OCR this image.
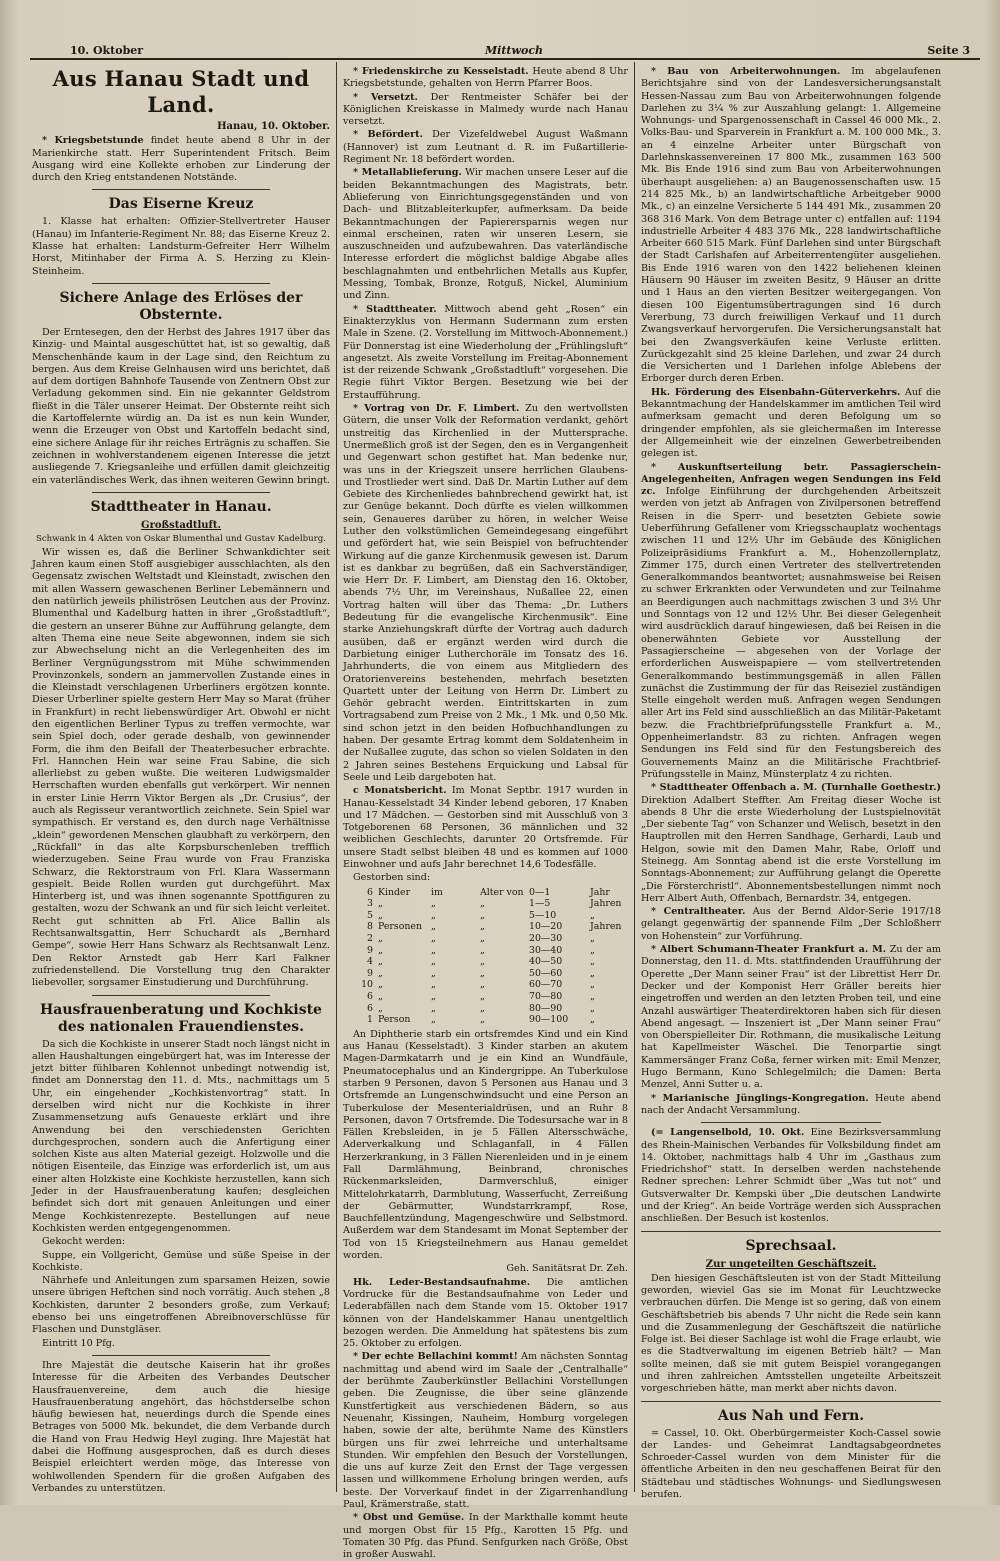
10. Oktober	Mittwoch	Seite 3
Aus Hanau Stadt und Land.
Hanau, 10. Oktober.

* Kriegsbetstunde findet heute abend 8 Uhr in der Marienkirche statt. Herr Superintendent Fritsch. Beim Ausgang wird eine Kollekte erhoben zur Linderung der durch den Krieg entstandenen Notstände.

Das Eiserne Kreuz

1. Klasse hat erhalten: Offizier-Stellvertreter Hauser (Hanau) im Infanterie-Regiment Nr. 88; das Eiserne Kreuz 2. Klasse hat erhalten: Landsturm-Gefreiter Herr Wilhelm Horst, Mitinhaber der Firma A. S. Herzing zu Klein-Steinheim.

Sichere Anlage des Erlöses der Obsternte.

Der Erntesegen, den der Herbst des Jahres 1917 über das Kinzig- und Maintal ausgeschüttet hat, ist so gewaltig, daß Menschenhände kaum in der Lage sind, den Reichtum zu bergen. Aus dem Kreise Gelnhausen wird uns berichtet, daß auf dem dortigen Bahnhofe Tausende von Zentnern Obst zur Verladung gekommen sind. Ein nie gekannter Geldstrom fließt in die Täler unserer Heimat. Der Obsternte reiht sich die Kartoffelernte würdig an. Da ist es nun kein Wunder, wenn die Erzeuger von Obst und Kartoffeln bedacht sind, eine sichere Anlage für ihr reiches Erträgnis zu schaffen. Sie zeichnen in wohlverstandenem eigenen Interesse die jetzt ausliegende 7. Kriegsanleihe und erfüllen damit gleichzeitig ein vaterländisches Werk, das ihnen weiteren Gewinn bringt.

Stadttheater in Hanau.
Großstadtluft.
Schwank in 4 Akten von Oskar Blumenthal und Gustav Kadelburg.

Wir wissen es, daß die Berliner Schwankdichter seit Jahren kaum einen Stoff ausgiebiger ausschlachten, als den Gegensatz zwischen Weltstadt und Kleinstadt, zwischen den mit allen Wassern gewaschenen Berliner Lebemännern und den natürlich jeweils philiströsen Leutchen aus der Provinz. Blumenthal und Kadelburg hatten in ihrer „Großstadtluft“, die gestern an unserer Bühne zur Aufführung gelangte, dem alten Thema eine neue Seite abgewonnen, indem sie sich zur Abwechselung nicht an die Verlegenheiten des im Berliner Vergnügungsstrom mit Mühe schwimmenden Provinzonkels, sondern an jammervollen Zustande eines in die Kleinstadt verschlagenen Urberliners ergötzen konnte. Dieser Urberliner spielte gestern Herr May so Marat (früher in Frankfurt) in recht liebenswürdiger Art. Obwohl er nicht den eigentlichen Berliner Typus zu treffen vermochte, war sein Spiel doch, oder gerade deshalb, von gewinnender Form, die ihm den Beifall der Theaterbesucher erbrachte. Frl. Hannchen Hein war seine Frau Sabine, die sich allerliebst zu geben wußte. Die weiteren Ludwigsmalder Herrschaften wurden ebenfalls gut verkörpert. Wir nennen in erster Linie Herrn Viktor Bergen als „Dr. Crusius“, der auch als Regisseur verantwortlich zeichnete. Sein Spiel war sympathisch. Er verstand es, den durch nage Verhältnisse „klein“ gewordenen Menschen glaubhaft zu verkörpern, den „Rückfall“ in das alte Korpsburschenleben trefflich wiederzugeben. Seine Frau wurde von Frau Franziska Schwarz, die Rektorstraum von Frl. Klara Wassermann gespielt. Beide Rollen wurden gut durchgeführt. Max Hinterberg ist, und was ihnen sogenannte Spottfiguren zu gestalten, wozu der Schwank an und für sich leicht verleitet. Recht gut schnitten ab Frl. Alice Ballin als Rechtsanwaltsgattin, Herr Schuchardt als „Bernhard Gempe“, sowie Herr Hans Schwarz als Rechtsanwalt Lenz. Den Rektor Arnstedt gab Herr Karl Falkner zufriedenstellend. Die Vorstellung trug den Charakter liebevoller, sorgsamer Einstudierung und Durchführung.

Hausfrauenberatung und Kochkiste des nationalen Frauendienstes.

Da sich die Kochkiste in unserer Stadt noch längst nicht in allen Haushaltungen eingebürgert hat, was im Interesse der jetzt bitter fühlbaren Kohlennot unbedingt notwendig ist, findet am Donnerstag den 11. d. Mts., nachmittags um 5 Uhr, ein eingehender „Kochkistenvortrag“ statt. In derselben wird nicht nur die Kochkiste in ihrer Zusammensetzung aufs Genaueste erklärt und ihre Anwendung bei den verschiedensten Gerichten durchgesprochen, sondern auch die Anfertigung einer solchen Kiste aus alten Material gezeigt. Holzwolle und die nötigen Eisenteile, das Einzige was erforderlich ist, um aus einer alten Holzkiste eine Kochkiste herzustellen, kann sich Jeder in der Hausfrauenberatung kaufen; desgleichen befindet sich dort mit genauen Anleitungen und einer Menge Kochkistenrezepte. Bestellungen auf neue Kochkisten werden entgegengenommen.

Gekocht werden:

Suppe, ein Vollgericht, Gemüse und süße Speise in der Kochkiste.

Nährhefe und Anleitungen zum sparsamen Heizen, sowie unsere übrigen Heftchen sind noch vorrätig. Auch stehen „8 Kochkisten, darunter 2 besonders große, zum Verkauf; ebenso bei uns eingetroffenen Abreibnoverschlüsse für Flaschen und Dunstgläser.

Eintritt 10 Pfg.

Ihre Majestät die deutsche Kaiserin hat ihr großes Interesse für die Arbeiten des Verbandes Deutscher Hausfrauenvereine, dem auch die hiesige Hausfrauenberatung angehört, das höchstderselbe schon häufig bewiesen hat, neuerdings durch die Spende eines Betrages von 5000 Mk. bekundet, die dem Verbande durch die Hand von Frau Hedwig Heyl zuging. Ihre Majestät hat dabei die Hoffnung ausgesprochen, daß es durch dieses Beispiel erleichtert werden möge, das Interesse von wohlwollenden Spendern für die großen Aufgaben des Verbandes zu unterstützen.

* Friedenskirche zu Kesselstadt. Heute abend 8 Uhr Kriegsbetstunde, gehalten von Herrn Pfarrer Boos.

* Versetzt. Der Rentmeister Schäfer bei der Königlichen Kreiskasse in Malmedy wurde nach Hanau versetzt.

* Befördert. Der Vizefeldwebel August Waßmann (Hannover) ist zum Leutnant d. R. im Fußartillerie-Regiment Nr. 18 befördert worden.

* Metallablieferung. Wir machen unsere Leser auf die beiden Bekanntmachungen des Magistrats, betr. Ablieferung von Einrichtungsgegenständen und von Dach- und Blitzableiterkupfer, aufmerksam. Da beide Bekanntmachungen der Papierersparnis wegen nur einmal erscheinen, raten wir unseren Lesern, sie auszuschneiden und aufzubewahren. Das vaterländische Interesse erfordert die möglichst baldige Abgabe alles beschlagnahmten und entbehrlichen Metalls aus Kupfer, Messing, Tombak, Bronze, Rotguß, Nickel, Aluminium und Zinn.

* Stadttheater. Mittwoch abend geht „Rosen“ ein Einakterzyklus von Hermann Sudermann zum ersten Male in Szene. (2. Vorstellung im Mittwoch-Abonnement.) Für Donnerstag ist eine Wiederholung der „Frühlingsluft“ angesetzt. Als zweite Vorstellung im Freitag-Abonnement ist der reizende Schwank „Großstadtluft“ vorgesehen. Die Regie führt Viktor Bergen. Besetzung wie bei der Erstaufführung.

* Vortrag von Dr. F. Limbert. Zu den wertvollsten Gütern, die unser Volk der Reformation verdankt, gehört unstreitig das Kirchenlied in der Muttersprache. Unermeßlich groß ist der Segen, den es in Vergangenheit und Gegenwart schon gestiftet hat. Man bedenke nur, was uns in der Kriegszeit unsere herrlichen Glaubens- und Trostlieder wert sind. Daß Dr. Martin Luther auf dem Gebiete des Kirchenliedes bahnbrechend gewirkt hat, ist zur Genüge bekannt. Doch dürfte es vielen willkommen sein, Genaueres darüber zu hören, in welcher Weise Luther den volkstümlichen Gemeindegesang eingeführt und gefördert hat, wie sein Beispiel von befruchtender Wirkung auf die ganze Kirchenmusik gewesen ist. Darum ist es dankbar zu begrüßen, daß ein Sachverständiger, wie Herr Dr. F. Limbert, am Dienstag den 16. Oktober, abends 7½ Uhr, im Vereinshaus, Nußallee 22, einen Vortrag halten will über das Thema: „Dr. Luthers Bedeutung für die evangelische Kirchenmusik“. Eine starke Anziehungskraft dürfte der Vortrag auch dadurch ausüben, daß er ergänzt werden wird durch die Darbietung einiger Lutherchoräle im Tonsatz des 16. Jahrhunderts, die von einem aus Mitgliedern des Oratorienvereins bestehenden, mehrfach besetzten Quartett unter der Leitung von Herrn Dr. Limbert zu Gehör gebracht werden. Eintrittskarten in zum Vortragsabend zum Preise von 2 Mk., 1 Mk. und 0,50 Mk. sind schon jetzt in den beiden Hofbuchhandlungen zu haben. Der gesamte Ertrag kommt dem Soldatenheim in der Nußallee zugute, das schon so vielen Soldaten in den 2 Jahren seines Bestehens Erquickung und Labsal für Seele und Leib dargeboten hat.

c Monatsbericht. Im Monat Septbr. 1917 wurden in Hanau-Kesselstadt 34 Kinder lebend geboren, 17 Knaben und 17 Mädchen. — Gestorben sind mit Ausschluß von 3 Totgeborenen 68 Personen, 36 männlichen und 32 weiblichen Geschlechts, darunter 20 Ortsfremde. Für unsere Stadt selbst bleiben 48 und es kommen auf 1000 Einwohner und aufs Jahr berechnet 14,6 Todesfälle.

Gestorben sind:

6	Kinder	im	Alter von	0—1	Jahr
3	„	„	„	1—5	Jahren
5	„	„	„	5—10	„
8	Personen	„	„	10—20	Jahren
2	„	„	„	20—30	„
9	„	„	„	30—40	„
4	„	„	„	40—50	„
9	„	„	„	50—60	„
10	„	„	„	60—70	„
6	„	„	„	70—80	„
6	„	„	„	80—90	„
1	Person	„	„	90—100	„

An Diphtherie starb ein ortsfremdes Kind und ein Kind aus Hanau (Kesselstadt). 3 Kinder starben an akutem Magen-Darmkatarrh und je ein Kind an Wundfäule, Pneumatocephalus und an Kindergrippe. An Tuberkulose starben 9 Personen, davon 5 Personen aus Hanau und 3 Ortsfremde an Lungenschwindsucht und eine Person an Tuberkulose der Mesenterialdrüsen, und an Ruhr 8 Personen, davon 7 Ortsfremde. Die Todesursache war in 8 Fällen Krebsleiden, in je 5 Fällen Altersschwäche, Aderverkalkung und Schlaganfall, in 4 Fällen Herzerkrankung, in 3 Fällen Nierenleiden und in je einem Fall Darmlähmung, Beinbrand, chronisches Rückenmarksleiden, Darmverschluß, einiger Mittelohrkatarrh, Darmblutung, Wasserfucht, Zerreißung der Gebärmutter, Wundstarrkrampf, Rose, Bauchfellentzündung, Magengeschwüre und Selbstmord. Außerdem war dem Standesamt im Monat September der Tod von 15 Kriegsteilnehmern aus Hanau gemeldet worden.

Geh. Sanitätsrat Dr. Zeh.

Hk. Leder-Bestandsaufnahme. Die amtlichen Vordrucke für die Bestandsaufnahme von Leder und Lederabfällen nach dem Stande vom 15. Oktober 1917 können von der Handelskammer Hanau unentgeltlich bezogen werden. Die Anmeldung hat spätestens bis zum 25. Oktober zu erfolgen.

* Der echte Bellachini kommt! Am nächsten Sonntag nachmittag und abend wird im Saale der „Centralhalle“ der berühmte Zauberkünstler Bellachini Vorstellungen geben. Die Zeugnisse, die über seine glänzende Kunstfertigkeit aus verschiedenen Bädern, so aus Neuenahr, Kissingen, Nauheim, Homburg vorgelegen haben, sowie der alte, berühmte Name des Künstlers bürgen uns für zwei lehrreiche und unterhaltsame Stunden. Wir empfehlen den Besuch der Vorstellungen, die uns auf kurze Zeit den Ernst der Tage vergessen lassen und willkommene Erholung bringen werden, aufs beste. Der Vorverkauf findet in der Zigarrenhandlung Paul, Krämerstraße, statt.

* Obst und Gemüse. In der Markthalle kommt heute und morgen Obst für 15 Pfg., Karotten 15 Pfg. und Tomaten 30 Pfg. das Pfund. Senfgurken nach Größe, Obst in großer Auswahl.

* Bau von Arbeiterwohnungen. Im abgelaufenen Berichtsjahre sind von der Landesversicherungsanstalt Hessen-Nassau zum Bau von Arbeiterwohnungen folgende Darlehen zu 3¼ % zur Auszahlung gelangt: 1. Allgemeine Wohnungs- und Spargenossenschaft in Cassel 46 000 Mk., 2. Volks-Bau- und Sparverein in Frankfurt a. M. 100 000 Mk., 3. an 4 einzelne Arbeiter unter Bürgschaft von Darlehnskassenvereinen 17 800 Mk., zusammen 163 500 Mk. Bis Ende 1916 sind zum Bau von Arbeiterwohnungen überhaupt ausgeliehen: a) an Baugenossenschaften usw. 15 214 825 Mk., b) an landwirtschaftliche Arbeitgeber 9000 Mk., c) an einzelne Versicherte 5 144 491 Mk., zusammen 20 368 316 Mark. Von dem Betrage unter c) entfallen auf: 1194 industrielle Arbeiter 4 483 376 Mk., 228 landwirtschaftliche Arbeiter 660 515 Mark. Fünf Darlehen sind unter Bürgschaft der Stadt Carlshafen auf Arbeiterrentengüter ausgeliehen. Bis Ende 1916 waren von den 1422 beliehenen kleinen Häusern 90 Häuser im zweiten Besitz, 9 Häuser an dritte und 1 Haus an den vierten Besitzer weitergegangen. Von diesen 100 Eigentumsübertragungen sind 16 durch Vererbung, 73 durch freiwilligen Verkauf und 11 durch Zwangsverkauf hervorgerufen. Die Versicherungsanstalt hat bei den Zwangsverkäufen keine Verluste erlitten. Zurückgezahlt sind 25 kleine Darlehen, und zwar 24 durch die Versicherten und 1 Darlehen infolge Ablebens der Erborger durch deren Erben.

Hk. Förderung des Eisenbahn-Güterverkehrs. Auf die Bekanntmachung der Handelskammer im amtlichen Teil wird aufmerksam gemacht und deren Befolgung um so dringender empfohlen, als sie gleichermaßen im Interesse der Allgemeinheit wie der einzelnen Gewerbetreibenden gelegen ist.

* Auskunftserteilung betr. Passagierschein-Angelegenheiten, Anfragen wegen Sendungen ins Feld zc. Infolge Einführung der durchgehenden Arbeitszeit werden von jetzt ab Anfragen von Zivilpersonen betreffend Reisen in die Sperr- und besetzten Gebiete sowie Ueberführung Gefallener vom Kriegsschauplatz wochentags zwischen 11 und 12½ Uhr im Gebäude des Königlichen Polizeipräsidiums Frankfurt a. M., Hohenzollernplatz, Zimmer 175, durch einen Vertreter des stellvertretenden Generalkommandos beantwortet; ausnahmsweise bei Reisen zu schwer Erkrankten oder Verwundeten und zur Teilnahme an Beerdigungen auch nachmittags zwischen 3 und 3½ Uhr und Sonntags von 12 und 12½ Uhr. Bei dieser Gelegenheit wird ausdrücklich darauf hingewiesen, daß bei Reisen in die obenerwähnten Gebiete vor Ausstellung der Passagierscheine — abgesehen von der Vorlage der erforderlichen Ausweispapiere — vom stellvertretenden Generalkommando bestimmungsgemäß in allen Fällen zunächst die Zustimmung der für das Reiseziel zuständigen Stelle eingeholt werden muß. Anfragen wegen Sendungen aller Art ins Feld sind ausschließlich an das Militär-Paketamt bezw. die Frachtbriefprüfungsstelle Frankfurt a. M., Oppenheimerlandstr. 83 zu richten. Anfragen wegen Sendungen ins Feld sind für den Festungsbereich des Gouvernements Mainz an die Militärische Frachtbrief-Prüfungsstelle in Mainz, Münsterplatz 4 zu richten.

* Stadttheater Offenbach a. M. (Turnhalle Goethestr.) Direktion Adalbert Steffter. Am Freitag dieser Woche ist abends 8 Uhr die erste Wiederholung der Lustspielnovität „Der siebente Tag“ von Schanzer und Welisch, besetzt in den Hauptrollen mit den Herren Sandhage, Gerhardi, Laub und Helgon, sowie mit den Damen Mahr, Rabe, Orloff und Steinegg. Am Sonntag abend ist die erste Vorstellung im Sonntags-Abonnement; zur Aufführung gelangt die Operette „Die Försterchristl“. Abonnementsbestellungen nimmt noch Herr Albert Auth, Offenbach, Bernardstr. 34, entgegen.

* Centraltheater. Aus der Bernd Aldor-Serie 1917/18 gelangt gegenwärtig der spannende Film „Der Schloßherr von Hohenstein“ zur Vorführung.

* Albert Schumann-Theater Frankfurt a. M. Zu der am Donnerstag, den 11. d. Mts. stattfindenden Uraufführung der Operette „Der Mann seiner Frau“ ist der Librettist Herr Dr. Decker und der Komponist Herr Gräller bereits hier eingetroffen und werden an den letzten Proben teil, und eine Anzahl auswärtiger Theaterdirektoren haben sich für diesen Abend angesagt. — Inszeniert ist „Der Mann seiner Frau“ von Oberspielleiter Dir. Rothmann, die musikalische Leitung hat Kapellmeister Wäschel. Die Tenorpartie singt Kammersänger Franz Coßa, ferner wirken mit: Emil Menzer, Hugo Bermann, Kuno Schlegelmilch; die Damen: Berta Menzel, Anni Sutter u. a.

* Marianische Jünglings-Kongregation. Heute abend nach der Andacht Versammlung.

(= Langenselbold, 10. Okt. Eine Bezirksversammlung des Rhein-Mainischen Verbandes für Volksbildung findet am 14. Oktober, nachmittags halb 4 Uhr im „Gasthaus zum Friedrichshof“ statt. In derselben werden nachstehende Redner sprechen: Lehrer Schmidt über „Was tut not“ und Gutsverwalter Dr. Kempski über „Die deutschen Landwirte und der Krieg“. An beide Vorträge werden sich Aussprachen anschließen. Der Besuch ist kostenlos.

Sprechsaal.
Zur ungeteilten Geschäftszeit.

Den hiesigen Geschäftsleuten ist von der Stadt Mitteilung geworden, wieviel Gas sie im Monat für Leuchtzwecke verbrauchen dürfen. Die Menge ist so gering, daß von einem Geschäftsbetrieb bis abends 7 Uhr nicht die Rede sein kann und die Zusammenlegung der Geschäftszeit die natürliche Folge ist. Bei dieser Sachlage ist wohl die Frage erlaubt, wie es die Stadtverwaltung im eigenen Betrieb hält? — Man sollte meinen, daß sie mit gutem Beispiel vorangegangen und ihren zahlreichen Amtsstellen ungeteilte Arbeitszeit vorgeschrieben hätte, man merkt aber nichts davon.

Aus Nah und Fern.

= Cassel, 10. Okt. Oberbürgermeister Koch-Cassel sowie der Landes- und Geheimrat Landtagsabgeordnetes Schroeder-Cassel wurden von dem Minister für die öffentliche Arbeiten in den neu geschaffenen Beirat für den Städtebau und städtisches Wohnungs- und Siedlungswesen berufen.
